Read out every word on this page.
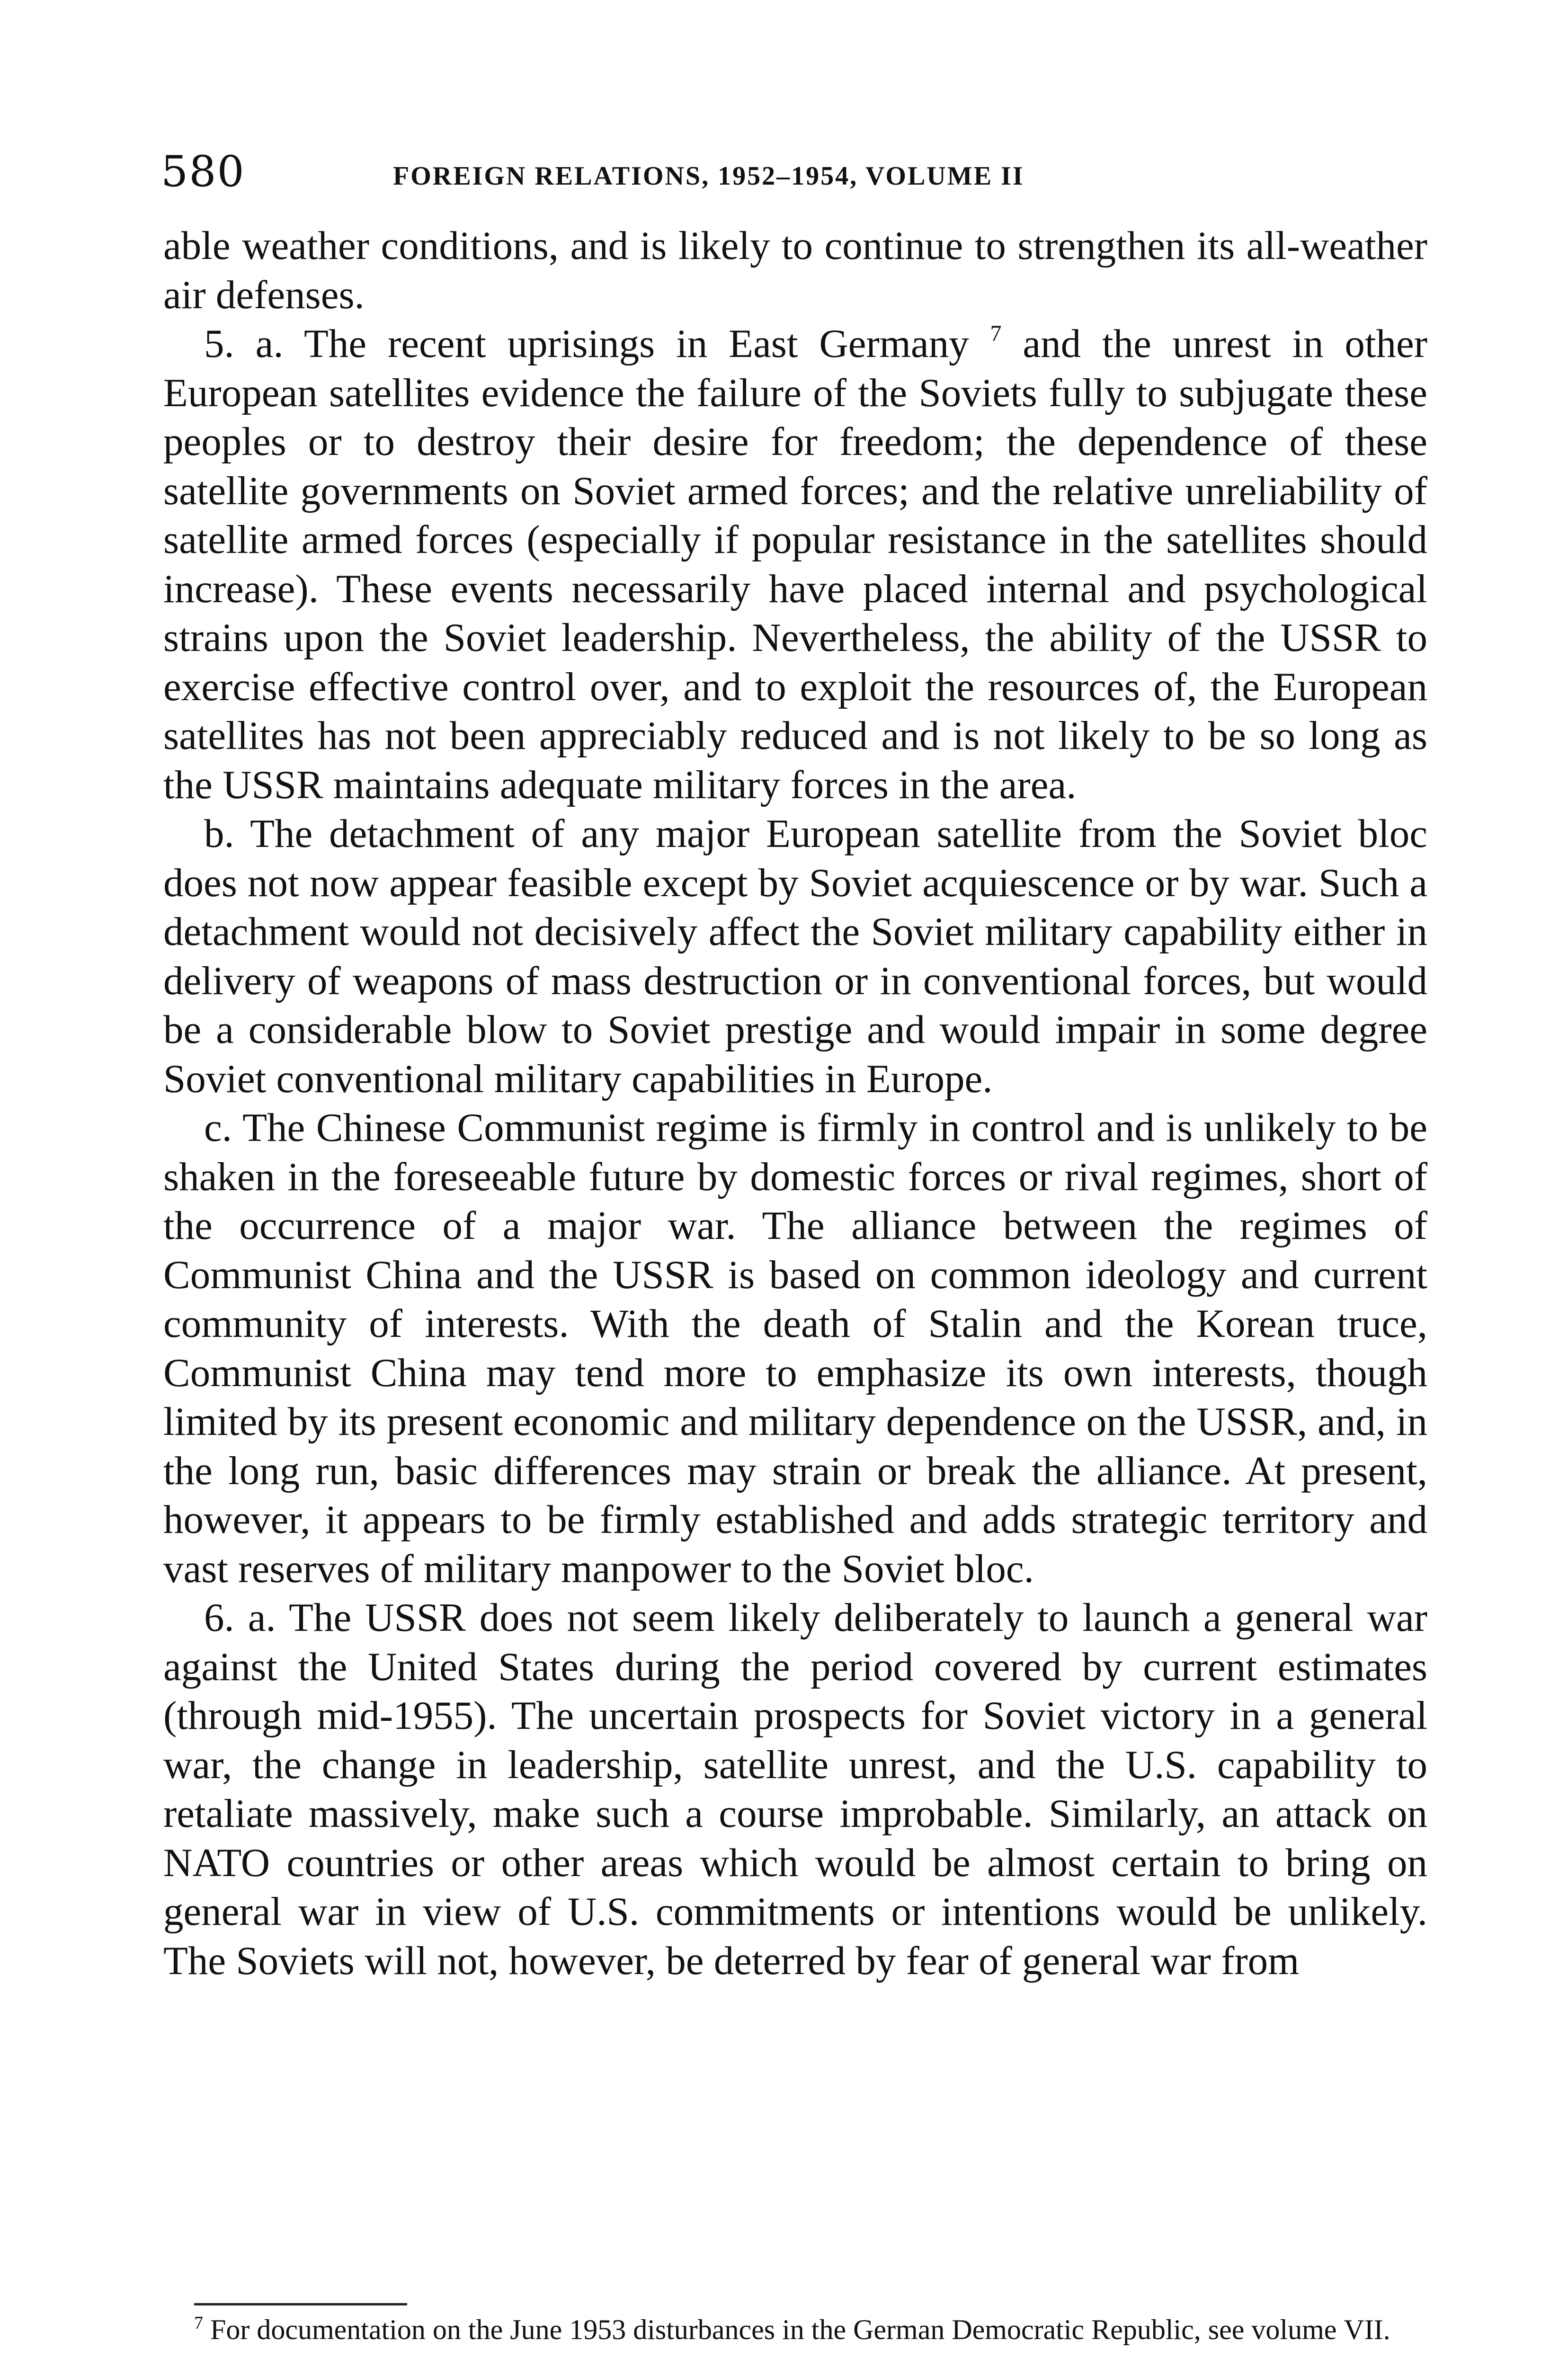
580	FOREIGN RELATIONS, 1952–1954, VOLUME II

able weather conditions, and is likely to continue to strengthen its all-weather air defenses.

5. a. The recent uprisings in East Germany $^7$ and the unrest in other European satellites evidence the failure of the Soviets fully to subjugate these peoples or to destroy their desire for freedom; the dependence of these satellite governments on Soviet armed forces; and the relative unreliability of satellite armed forces (especially if popular resistance in the satellites should increase). These events necessarily have placed internal and psychological strains upon the Soviet leadership. Nevertheless, the ability of the USSR to exercise effective control over, and to exploit the resources of, the European satellites has not been appreciably reduced and is not likely to be so long as the USSR maintains adequate military forces in the area.

b. The detachment of any major European satellite from the Soviet bloc does not now appear feasible except by Soviet acquiescence or by war. Such a detachment would not decisively affect the Soviet military capability either in delivery of weapons of mass destruction or in conventional forces, but would be a considerable blow to Soviet prestige and would impair in some degree Soviet conventional military capabilities in Europe.

c. The Chinese Communist regime is firmly in control and is unlikely to be shaken in the foreseeable future by domestic forces or rival regimes, short of the occurrence of a major war. The alliance between the regimes of Communist China and the USSR is based on common ideology and current community of interests. With the death of Stalin and the Korean truce, Communist China may tend more to emphasize its own interests, though limited by its present economic and military dependence on the USSR, and, in the long run, basic differences may strain or break the alliance. At present, however, it appears to be firmly established and adds strategic territory and vast reserves of military manpower to the Soviet bloc.

6. a. The USSR does not seem likely deliberately to launch a general war against the United States during the period covered by current estimates (through mid-1955). The uncertain prospects for Soviet victory in a general war, the change in leadership, satellite unrest, and the U.S. capability to retaliate massively, make such a course improbable. Similarly, an attack on NATO countries or other areas which would be almost certain to bring on general war in view of U.S. commitments or intentions would be unlikely. The Soviets will not, however, be deterred by fear of general war from

$^7$ For documentation on the June 1953 disturbances in the German Democratic Republic, see volume VII.
